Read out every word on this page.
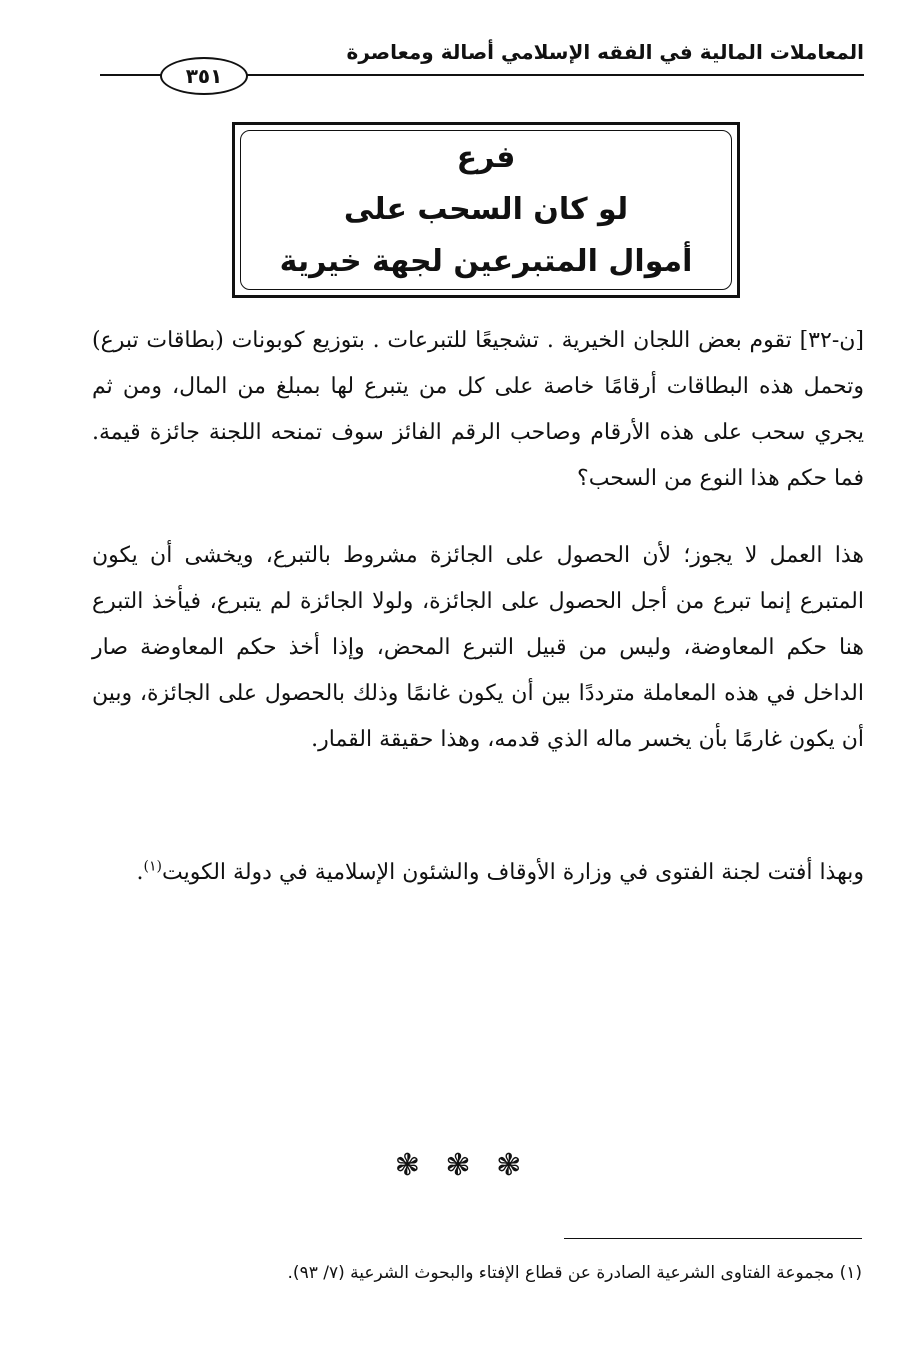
المعاملات المالية في الفقه الإسلامي أصالة ومعاصرة
٣٥١
فرع
لو كان السحب على
أموال المتبرعين لجهة خيرية

[ن-٣٢] تقوم بعض اللجان الخيرية . تشجيعًا للتبرعات . بتوزيع كوبونات (بطاقات تبرع) وتحمل هذه البطاقات أرقامًا خاصة على كل من يتبرع لها بمبلغ من المال، ومن ثم يجري سحب على هذه الأرقام وصاحب الرقم الفائز سوف تمنحه اللجنة جائزة قيمة. فما حكم هذا النوع من السحب؟

هذا العمل لا يجوز؛ لأن الحصول على الجائزة مشروط بالتبرع، ويخشى أن يكون المتبرع إنما تبرع من أجل الحصول على الجائزة، ولولا الجائزة لم يتبرع، فيأخذ التبرع هنا حكم المعاوضة، وليس من قبيل التبرع المحض، وإذا أخذ حكم المعاوضة صار الداخل في هذه المعاملة مترددًا بين أن يكون غانمًا وذلك بالحصول على الجائزة، وبين أن يكون غارمًا بأن يخسر ماله الذي قدمه، وهذا حقيقة القمار.

وبهذا أفتت لجنة الفتوى في وزارة الأوقاف والشئون الإسلامية في دولة الكويت$^{(١)}$.

❃ ❃ ❃
(١) مجموعة الفتاوى الشرعية الصادرة عن قطاع الإفتاء والبحوث الشرعية (٧/ ٩٣).
